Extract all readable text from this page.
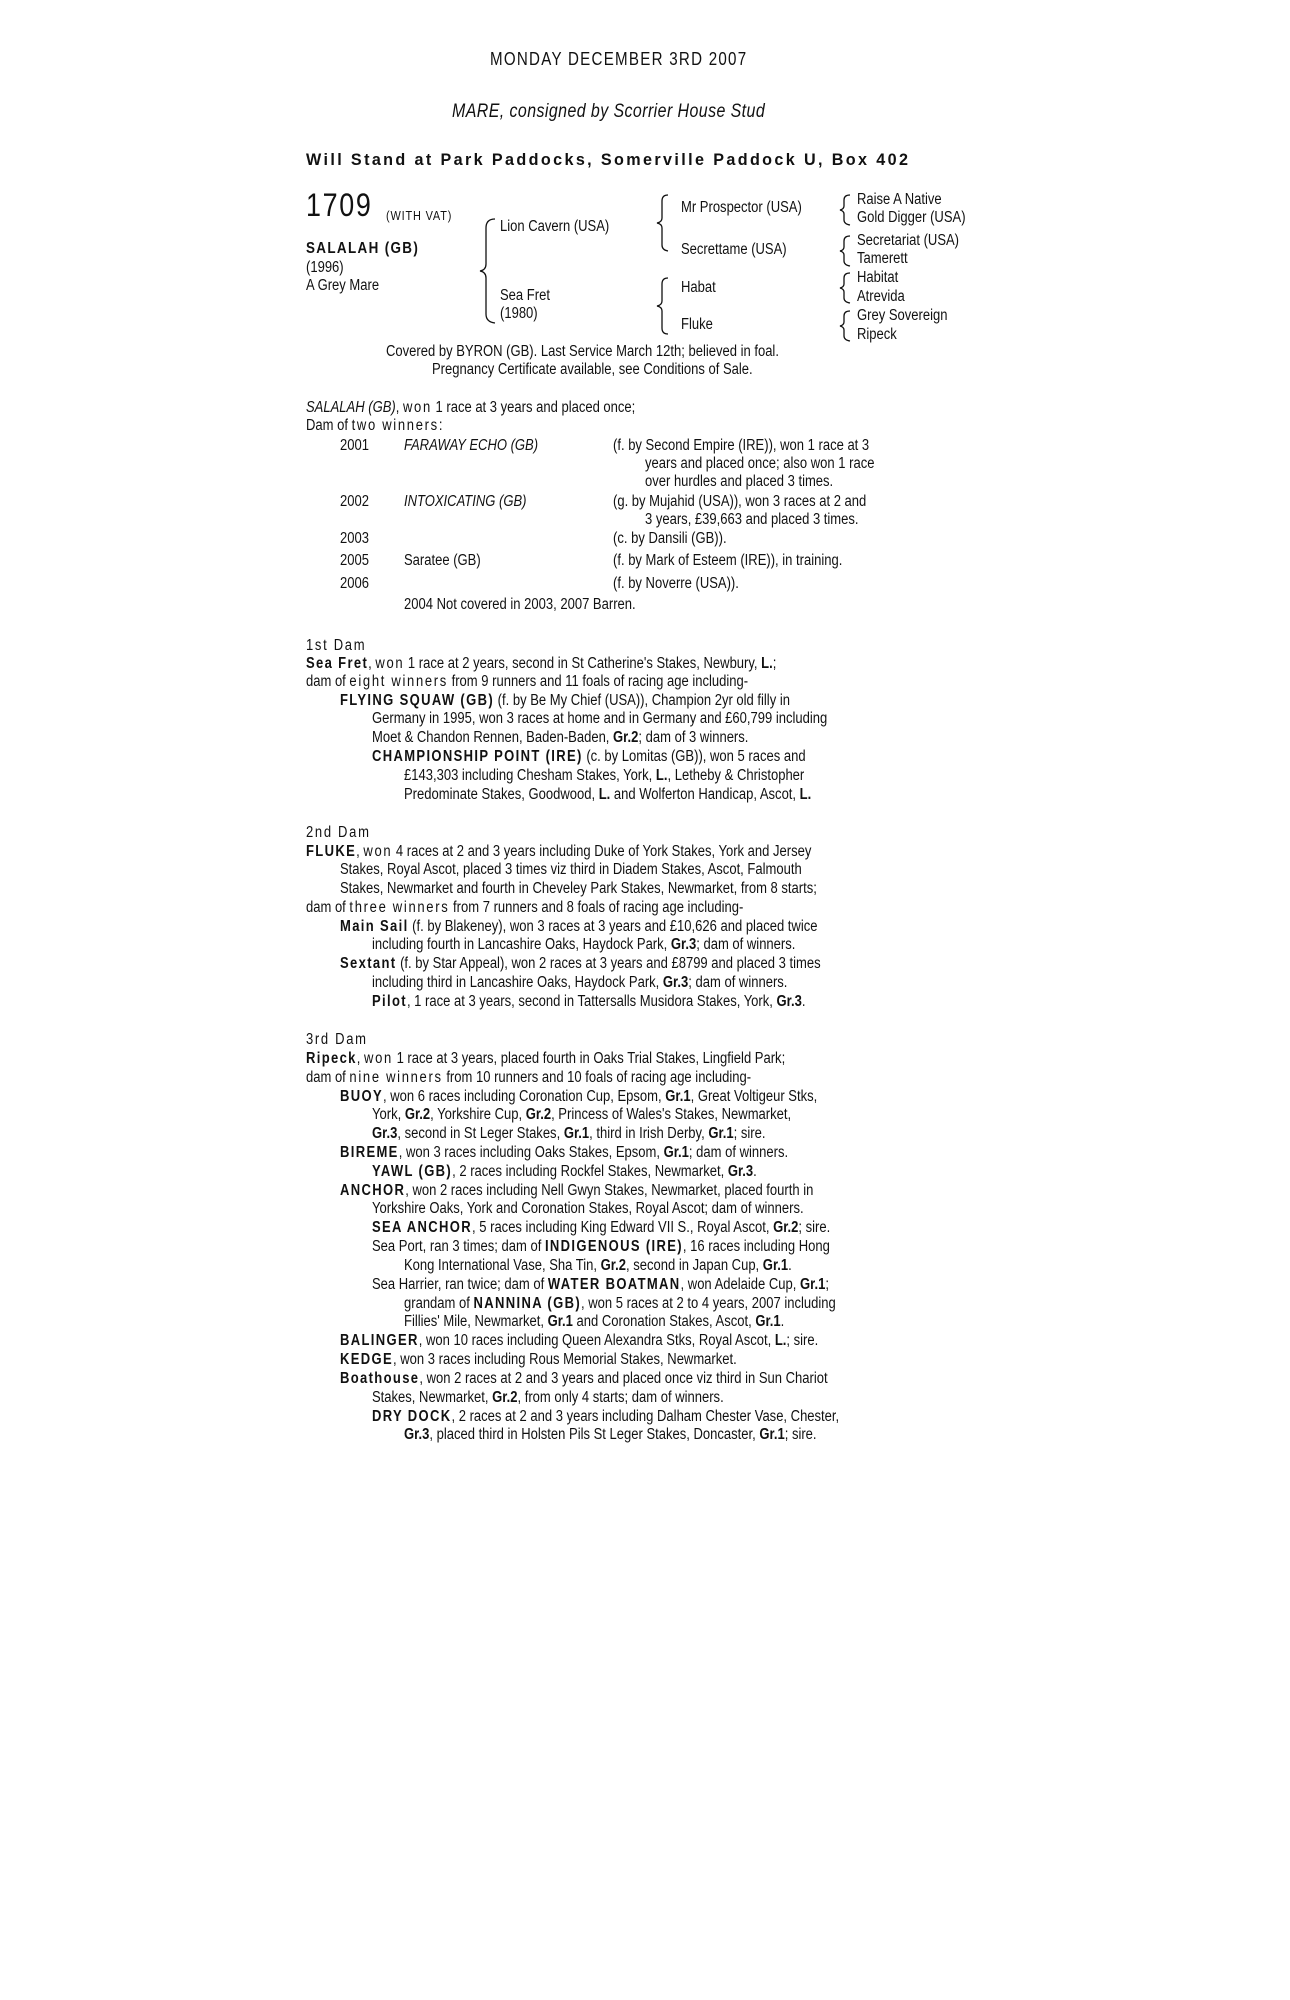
MONDAY DECEMBER 3RD 2007
MARE, consigned by Scorrier House Stud
Will Stand at Park Paddocks, Somerville Paddock U, Box 402
1709 (WITH VAT)
SALALAH (GB)
(1996)
A Grey Mare
Lion Cavern (USA)
Sea Fret
(1980)
Mr Prospector (USA)
Secrettame (USA)
Habat
Fluke
Raise A Native
Gold Digger (USA)
Secretariat (USA)
Tamerett
Habitat
Atrevida
Grey Sovereign
Ripeck
Covered by BYRON (GB). Last Service March 12th; believed in foal.
Pregnancy Certificate available, see Conditions of Sale.
SALALAH (GB), won 1 race at 3 years and placed once;
Dam of two winners:
2001 FARAWAY ECHO (GB)	(f. by Second Empire (IRE)), won 1 race at 3
years and placed once; also won 1 race
over hurdles and placed 3 times.
2002 INTOXICATING (GB)	(g. by Mujahid (USA)), won 3 races at 2 and
3 years, £39,663 and placed 3 times.
2003	(c. by Dansili (GB)).
2005 Saratee (GB)	(f. by Mark of Esteem (IRE)), in training.
2006	(f. by Noverre (USA)).
2004 Not covered in 2003, 2007 Barren.
1st Dam
Sea Fret, won 1 race at 2 years, second in St Catherine's Stakes, Newbury, L.;
dam of eight winners from 9 runners and 11 foals of racing age including-
FLYING SQUAW (GB) (f. by Be My Chief (USA)), Champion 2yr old filly in
Germany in 1995, won 3 races at home and in Germany and £60,799 including
Moet & Chandon Rennen, Baden-Baden, Gr.2; dam of 3 winners.
CHAMPIONSHIP POINT (IRE) (c. by Lomitas (GB)), won 5 races and
£143,303 including Chesham Stakes, York, L., Letheby & Christopher
Predominate Stakes, Goodwood, L. and Wolferton Handicap, Ascot, L.
2nd Dam
FLUKE, won 4 races at 2 and 3 years including Duke of York Stakes, York and Jersey
Stakes, Royal Ascot, placed 3 times viz third in Diadem Stakes, Ascot, Falmouth
Stakes, Newmarket and fourth in Cheveley Park Stakes, Newmarket, from 8 starts;
dam of three winners from 7 runners and 8 foals of racing age including-
Main Sail (f. by Blakeney), won 3 races at 3 years and £10,626 and placed twice
including fourth in Lancashire Oaks, Haydock Park, Gr.3; dam of winners.
Sextant (f. by Star Appeal), won 2 races at 3 years and £8799 and placed 3 times
including third in Lancashire Oaks, Haydock Park, Gr.3; dam of winners.
Pilot, 1 race at 3 years, second in Tattersalls Musidora Stakes, York, Gr.3.
3rd Dam
Ripeck, won 1 race at 3 years, placed fourth in Oaks Trial Stakes, Lingfield Park;
dam of nine winners from 10 runners and 10 foals of racing age including-
BUOY, won 6 races including Coronation Cup, Epsom, Gr.1, Great Voltigeur Stks,
York, Gr.2, Yorkshire Cup, Gr.2, Princess of Wales's Stakes, Newmarket,
Gr.3, second in St Leger Stakes, Gr.1, third in Irish Derby, Gr.1; sire.
BIREME, won 3 races including Oaks Stakes, Epsom, Gr.1; dam of winners.
YAWL (GB), 2 races including Rockfel Stakes, Newmarket, Gr.3.
ANCHOR, won 2 races including Nell Gwyn Stakes, Newmarket, placed fourth in
Yorkshire Oaks, York and Coronation Stakes, Royal Ascot; dam of winners.
SEA ANCHOR, 5 races including King Edward VII S., Royal Ascot, Gr.2; sire.
Sea Port, ran 3 times; dam of INDIGENOUS (IRE), 16 races including Hong
Kong International Vase, Sha Tin, Gr.2, second in Japan Cup, Gr.1.
Sea Harrier, ran twice; dam of WATER BOATMAN, won Adelaide Cup, Gr.1;
grandam of NANNINA (GB), won 5 races at 2 to 4 years, 2007 including
Fillies' Mile, Newmarket, Gr.1 and Coronation Stakes, Ascot, Gr.1.
BALINGER, won 10 races including Queen Alexandra Stks, Royal Ascot, L.; sire.
KEDGE, won 3 races including Rous Memorial Stakes, Newmarket.
Boathouse, won 2 races at 2 and 3 years and placed once viz third in Sun Chariot
Stakes, Newmarket, Gr.2, from only 4 starts; dam of winners.
DRY DOCK, 2 races at 2 and 3 years including Dalham Chester Vase, Chester,
Gr.3, placed third in Holsten Pils St Leger Stakes, Doncaster, Gr.1; sire.
